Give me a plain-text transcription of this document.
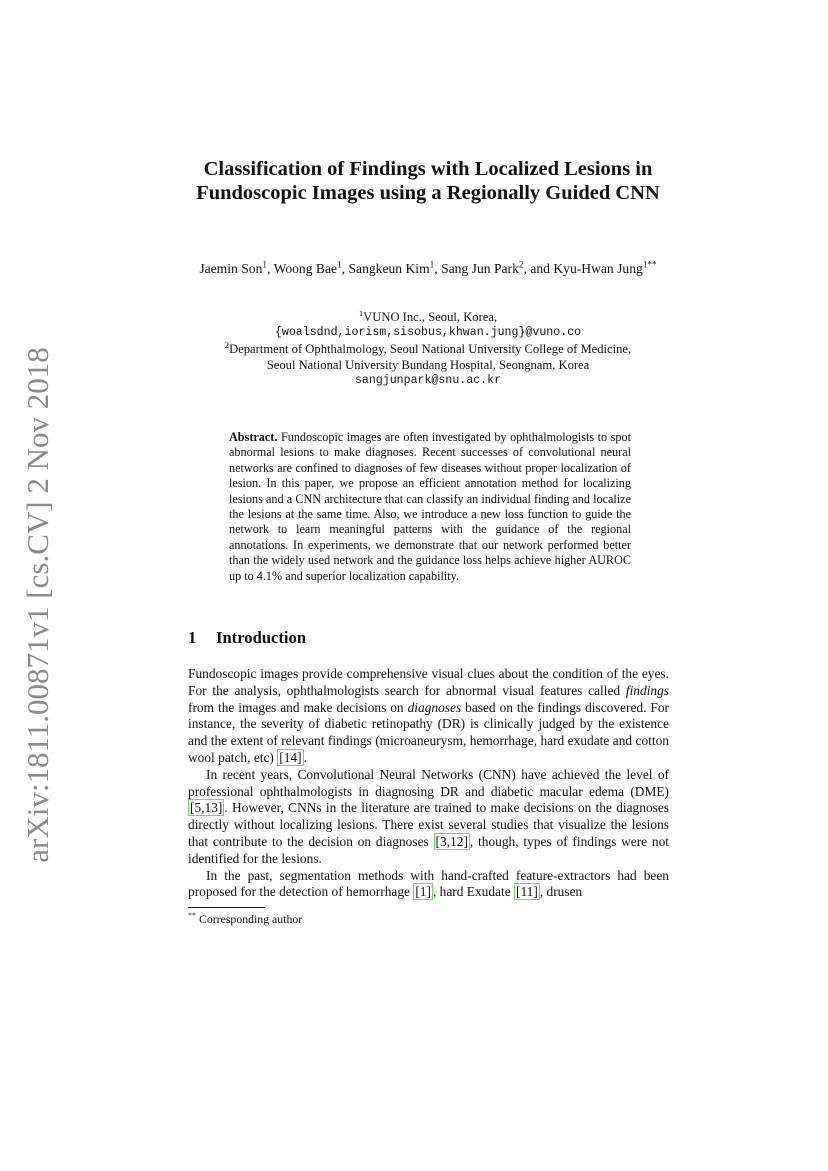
arXiv:1811.00871v1 [cs.CV] 2 Nov 2018
Classification of Findings with Localized Lesions in Fundoscopic Images using a Regionally Guided CNN
Jaemin Son$^1$, Woong Bae$^1$, Sangkeun Kim$^1$, Sang Jun Park$^2$, and Kyu-Hwan Jung$^{1**}$
$^1$VUNO Inc., Seoul, Korea,
{woalsdnd,iorism,sisobus,khwan.jung}@vuno.co
$^2$Department of Ophthalmology, Seoul National University College of Medicine,
Seoul National University Bundang Hospital, Seongnam, Korea
sangjunpark@snu.ac.kr
Abstract. Fundoscopic images are often investigated by ophthalmologists to spot abnormal lesions to make diagnoses. Recent successes of convolutional neural networks are confined to diagnoses of few diseases without proper localization of lesion. In this paper, we propose an efficient annotation method for localizing lesions and a CNN architecture that can classify an individual finding and localize the lesions at the same time. Also, we introduce a new loss function to guide the network to learn meaningful patterns with the guidance of the regional annotations. In experiments, we demonstrate that our network performed better than the widely used network and the guidance loss helps achieve higher AUROC up to 4.1% and superior localization capability.
1 Introduction

Fundoscopic images provide comprehensive visual clues about the condition of the eyes. For the analysis, ophthalmologists search for abnormal visual features called findings from the images and make decisions on diagnoses based on the findings discovered. For instance, the severity of diabetic retinopathy (DR) is clinically judged by the existence and the extent of relevant findings (microaneurysm, hemorrhage, hard exudate and cotton wool patch, etc) [14] .

In recent years, Convolutional Neural Networks (CNN) have achieved the level of professional ophthalmologists in diagnosing DR and diabetic macular edema (DME) [5,13] . However, CNNs in the literature are trained to make decisions on the diagnoses directly without localizing lesions. There exist several studies that visualize the lesions that contribute to the decision on diagnoses [3,12] , though, types of findings were not identified for the lesions.

In the past, segmentation methods with hand-crafted feature-extractors had been proposed for the detection of hemorrhage [1] , hard Exudate [11] , drusen

** Corresponding author
